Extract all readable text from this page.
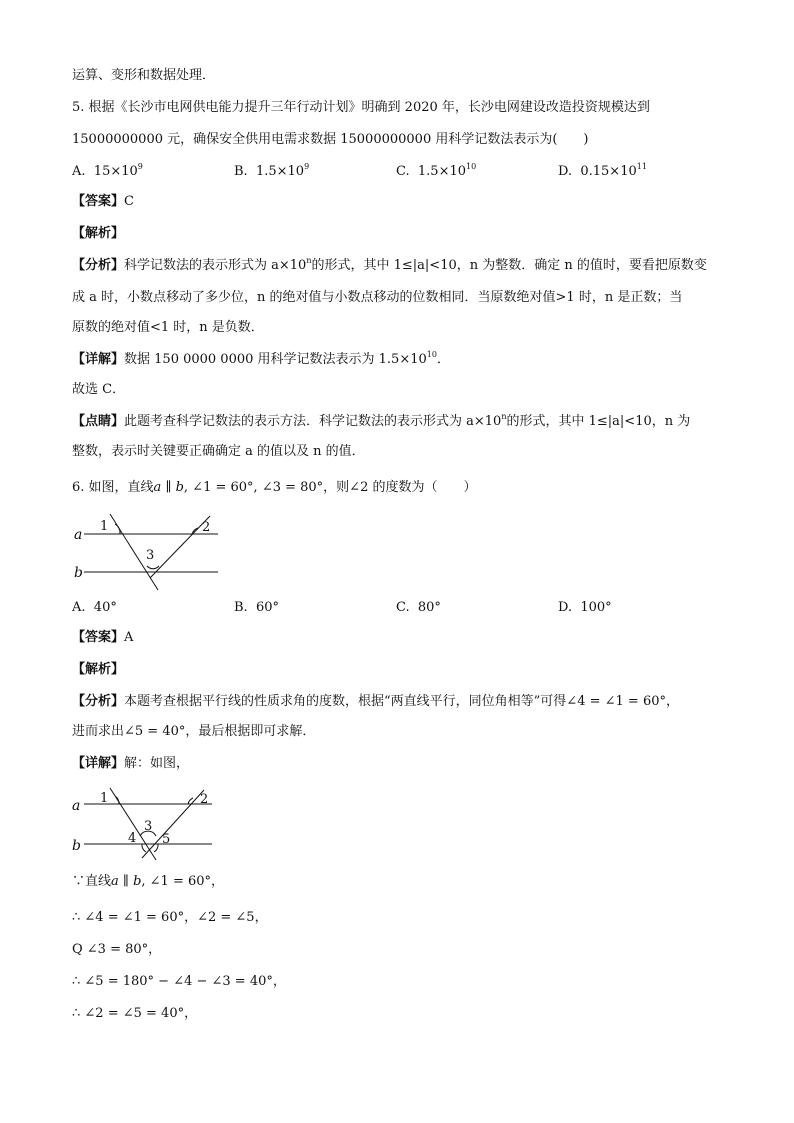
运算、变形和数据处理．
5. 根据《长沙市电网供电能力提升三年行动计划》明确到 2020 年，长沙电网建设改造投资规模达到
15000000000 元，确保安全供用电需求数据 15000000000 用科学记数法表示为(　　)
A. $15\times 10^9$	B. $1.5\times 10^9$	C. $1.5\times 10^{10}$	D. $0.15\times 10^{11}$
【答案】C
【解析】
【分析】科学记数法的表示形式为 $a\times 10^n$的形式，其中 1≤|a|<10，n 为整数．确定 n 的值时，要看把原数变
成 a 时，小数点移动了多少位，n 的绝对值与小数点移动的位数相同．当原数绝对值>1 时，n 是正数；当
原数的绝对值<1 时，n 是负数．
【详解】数据 150 0000 0000 用科学记数法表示为 $1.5\times 10^{10}$．
故选 C．
【点睛】此题考查科学记数法的表示方法．科学记数法的表示形式为 $a\times 10^n$的形式，其中 1≤|a|<10，n 为
整数，表示时关键要正确确定 a 的值以及 n 的值．
6. 如图，直线a ∥ b, ∠1 = 60°, ∠3 = 80°，则∠2 的度数为（　　）
a
b
1	2
3
A. 40°	B. 60°	C. 80°	D. 100°
【答案】A
【解析】
【分析】本题考查根据平行线的性质求角的度数，根据“两直线平行，同位角相等”可得∠4 = ∠1 = 60°，
进而求出∠5 = 40°，最后根据即可求解．
【详解】解：如图，
a
b
1	2
3
4 5
∵直线a ∥ b, ∠1 = 60°，
∴ ∠4 = ∠1 = 60°，∠2 = ∠5，
Q ∠3 = 80°，
∴ ∠5 = 180° − ∠4 − ∠3 = 40°，
∴ ∠2 = ∠5 = 40°，
